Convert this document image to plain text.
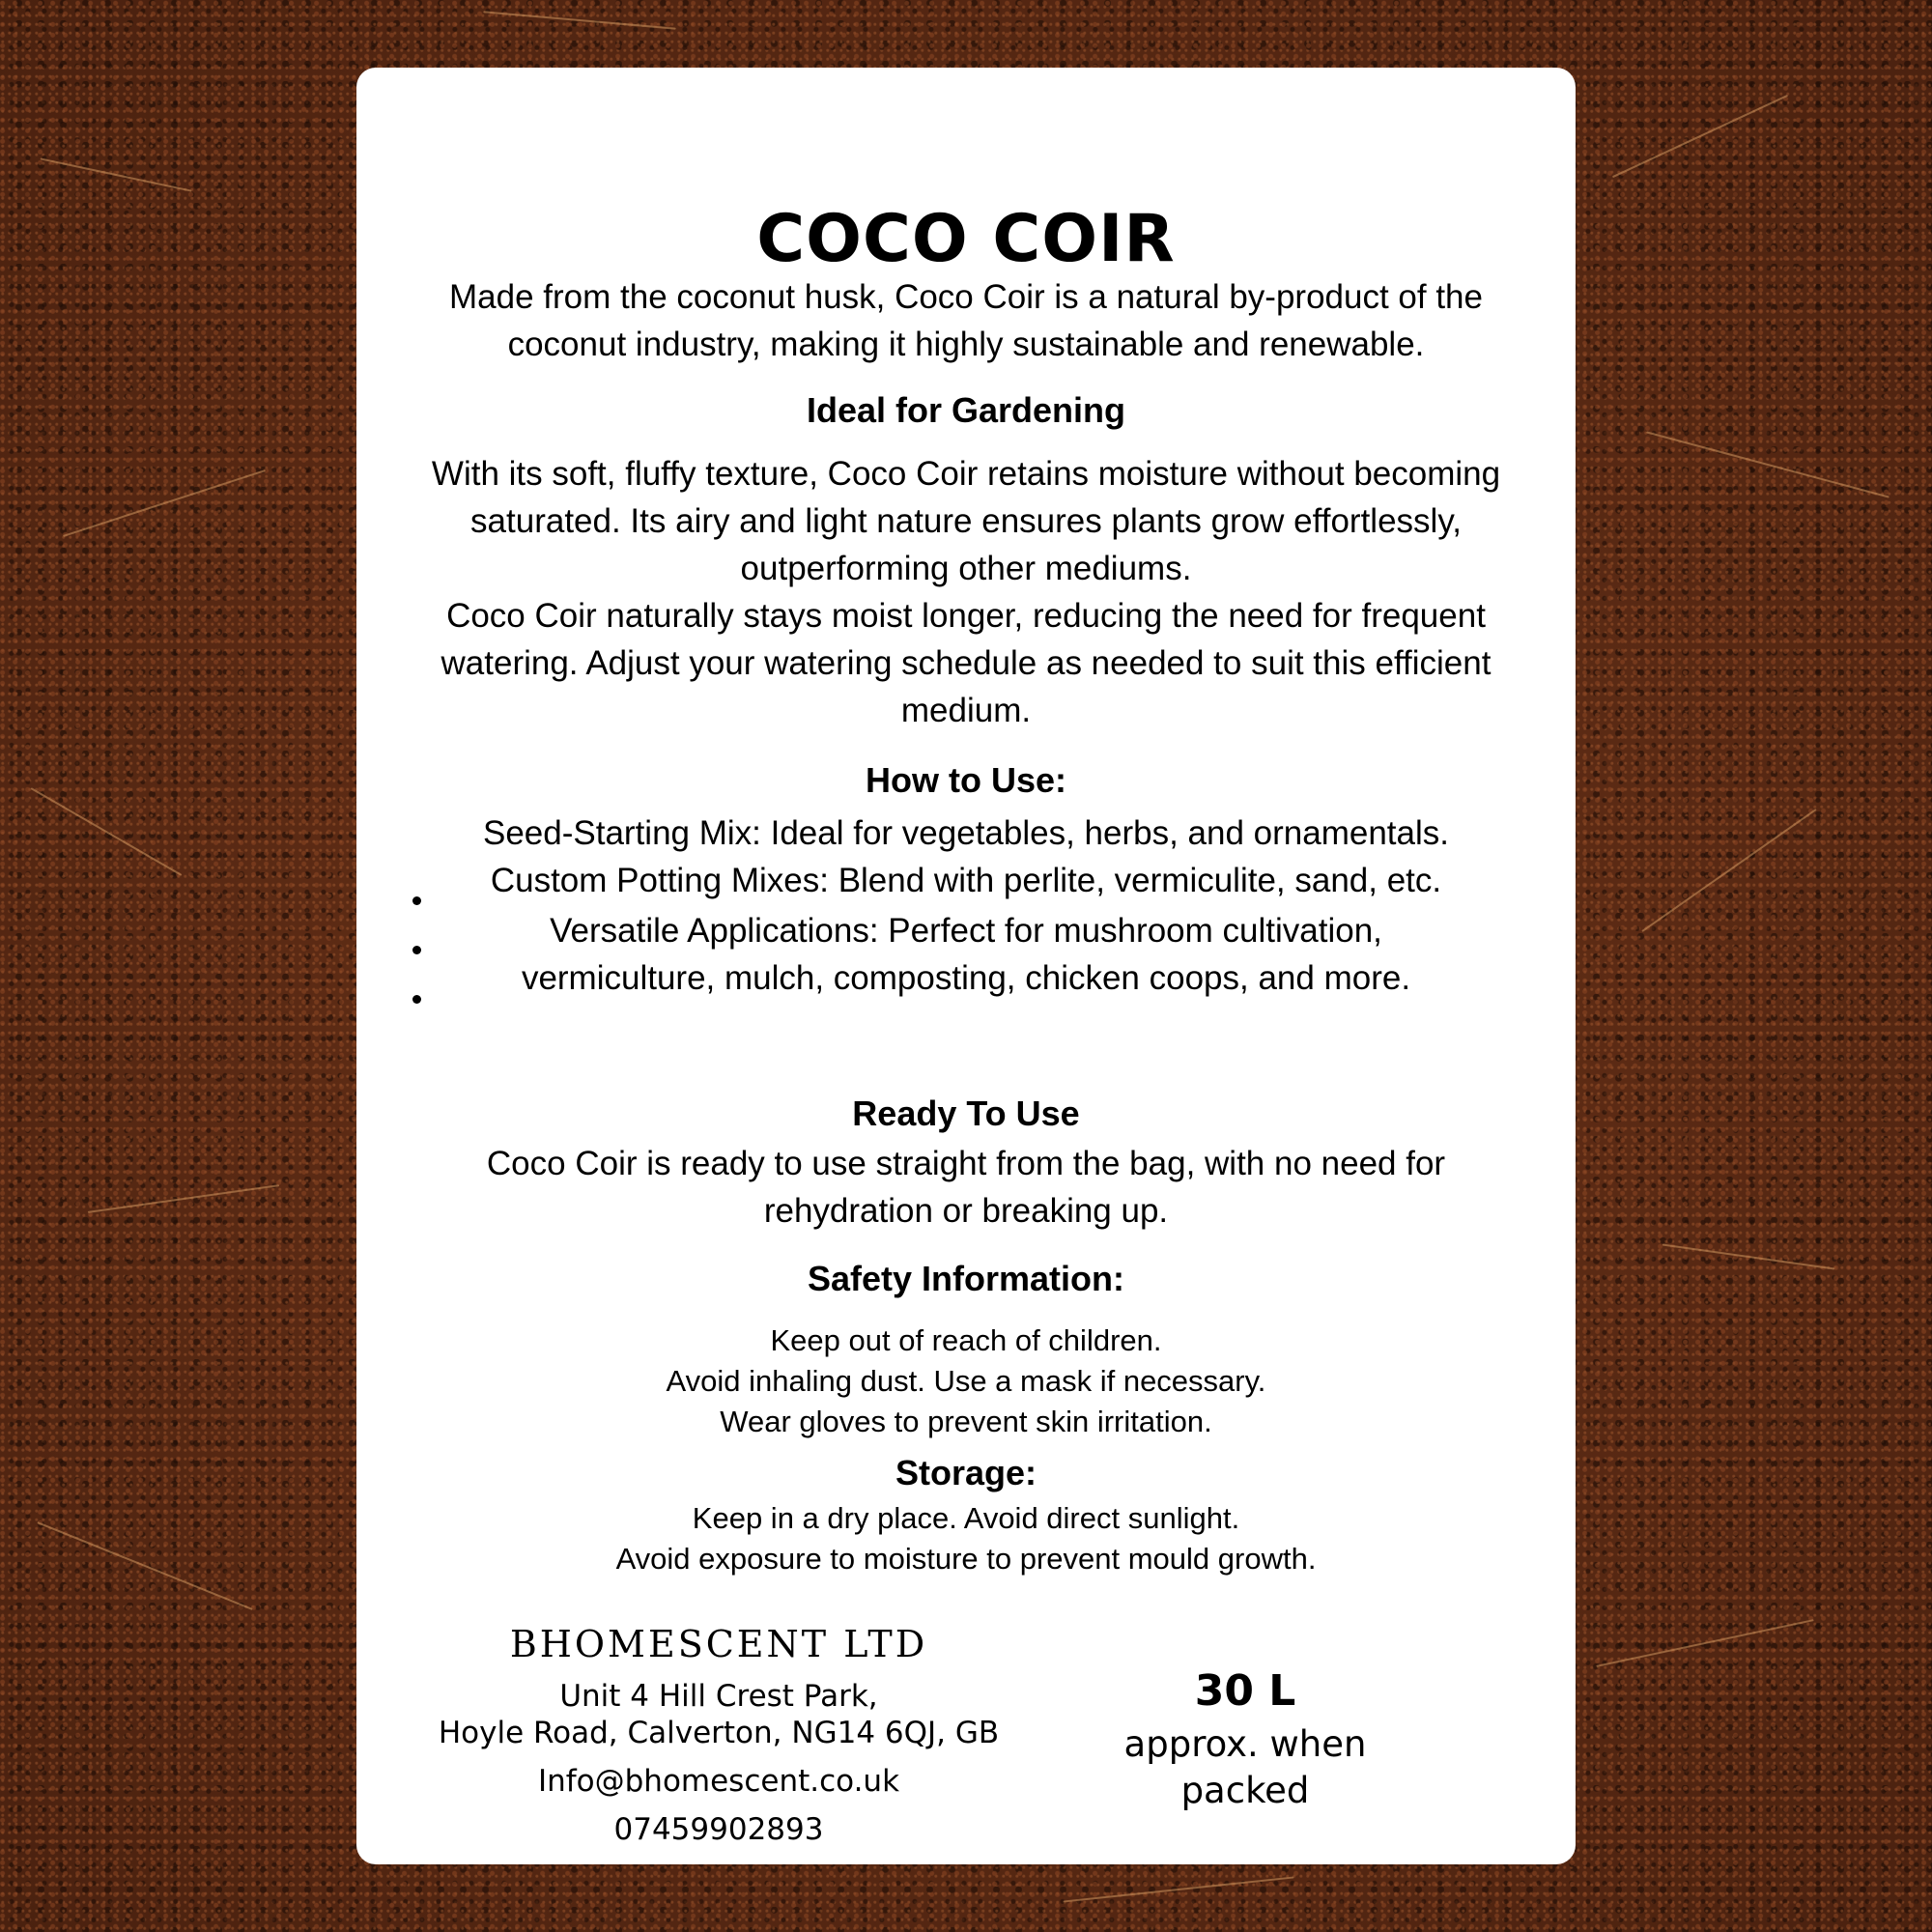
COCO COIR
Made from the coconut husk, Coco Coir is a natural by-product of the coconut industry, making it highly sustainable and renewable.
Ideal for Gardening
With its soft, fluffy texture, Coco Coir retains moisture without becoming saturated. Its airy and light nature ensures plants grow effortlessly, outperforming other mediums.
Coco Coir naturally stays moist longer, reducing the need for frequent watering. Adjust your watering schedule as needed to suit this efficient medium.
How to Use:
Seed-Starting Mix: Ideal for vegetables, herbs, and ornamentals.
Custom Potting Mixes: Blend with perlite, vermiculite, sand, etc.
Versatile Applications: Perfect for mushroom cultivation, vermiculture, mulch, composting, chicken coops, and more.
Ready To Use
Coco Coir is ready to use straight from the bag, with no need for rehydration or breaking up.
Safety Information:
Keep out of reach of children.
Avoid inhaling dust. Use a mask if necessary.
Wear gloves to prevent skin irritation.
Storage:
Keep in a dry place. Avoid direct sunlight.
Avoid exposure to moisture to prevent mould growth.
BHOMESCENT LTD
Unit 4 Hill Crest Park,
Hoyle Road, Calverton, NG14 6QJ, GB
Info@bhomescent.co.uk
07459902893
30 L
approx. when packed
